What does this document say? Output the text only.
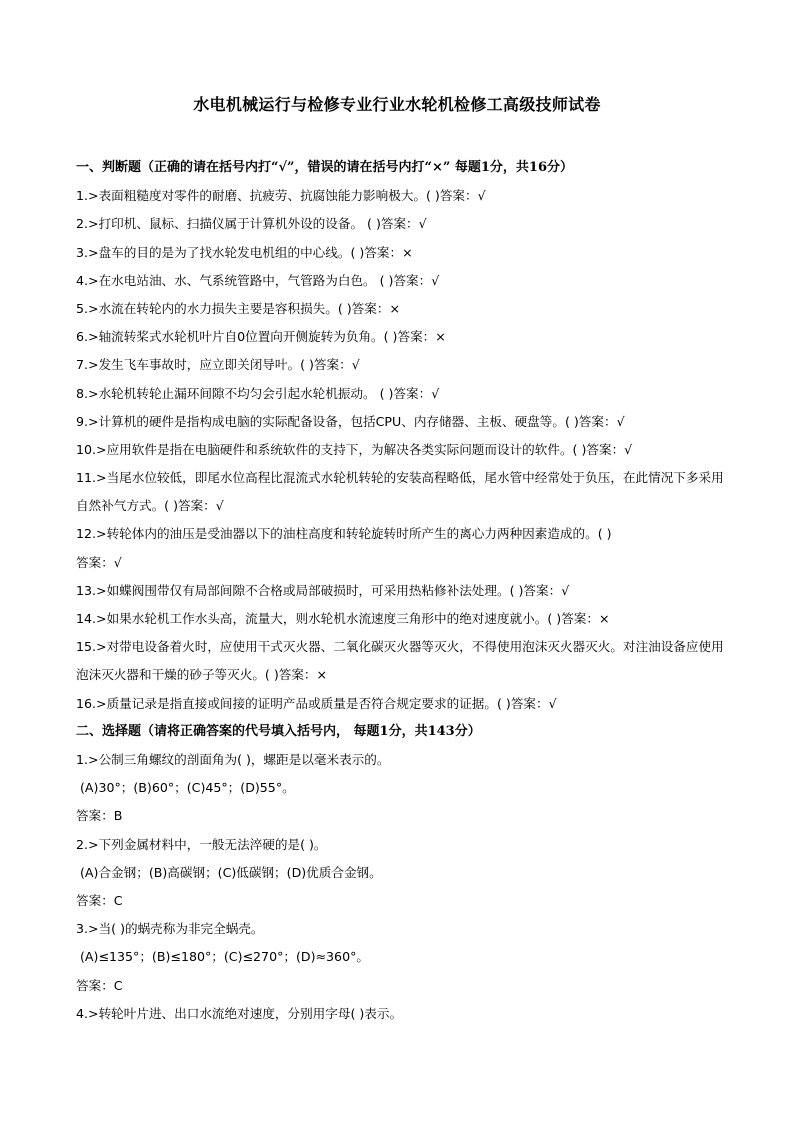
水电机械运行与检修专业行业水轮机检修工高级技师试卷
一、判断题（正确的请在括号内打“√”，错误的请在括号内打“×” 每题1分，共16分）
1.>表面粗糙度对零件的耐磨、抗疲劳、抗腐蚀能力影响极大。( )答案：√
2.>打印机、鼠标、扫描仪属于计算机外设的设备。 ( )答案：√
3.>盘车的目的是为了找水轮发电机组的中心线。( )答案：×
4.>在水电站油、水、气系统管路中，气管路为白色。 ( )答案：√
5.>水流在转轮内的水力损失主要是容积损失。( )答案：×
6.>轴流转桨式水轮机叶片自0位置向开侧旋转为负角。( )答案：×
7.>发生飞车事故时，应立即关闭导叶。( )答案：√
8.>水轮机转轮止漏环间隙不均匀会引起水轮机振动。 ( )答案：√
9.>计算机的硬件是指构成电脑的实际配备设备，包括CPU、内存储器、主板、硬盘等。( )答案：√
10.>应用软件是指在电脑硬件和系统软件的支持下，为解决各类实际问题而设计的软件。( )答案：√
11.>当尾水位较低，即尾水位高程比混流式水轮机转轮的安装高程略低，尾水管中经常处于负压，在此情况下多采用自然补气方式。( )答案：√
12.>转轮体内的油压是受油器以下的油柱高度和转轮旋转时所产生的离心力两种因素造成的。( )
答案：√
13.>如蝶阀围带仅有局部间隙不合格或局部破损时，可采用热粘修补法处理。( )答案：√
14.>如果水轮机工作水头高，流量大，则水轮机水流速度三角形中的绝对速度就小。( )答案：×
15.>对带电设备着火时，应使用干式灭火器、二氧化碳灭火器等灭火，不得使用泡沫灭火器灭火。对注油设备应使用泡沫灭火器和干燥的砂子等灭火。( )答案：×
16.>质量记录是指直接或间接的证明产品或质量是否符合规定要求的证据。( )答案：√
二、选择题（请将正确答案的代号填入括号内， 每题1分，共143分）
1.>公制三角螺纹的剖面角为( )，螺距是以毫米表示的。
(A)30°；(B)60°；(C)45°；(D)55°。
答案：B
2.>下列金属材料中，一般无法淬硬的是( )。
(A)合金钢；(B)高碳钢；(C)低碳钢；(D)优质合金钢。
答案：C
3.>当( )的蜗壳称为非完全蜗壳。
(A)≤135°；(B)≤180°；(C)≤270°；(D)≈360°。
答案：C
4.>转轮叶片进、出口水流绝对速度，分别用字母( )表示。
